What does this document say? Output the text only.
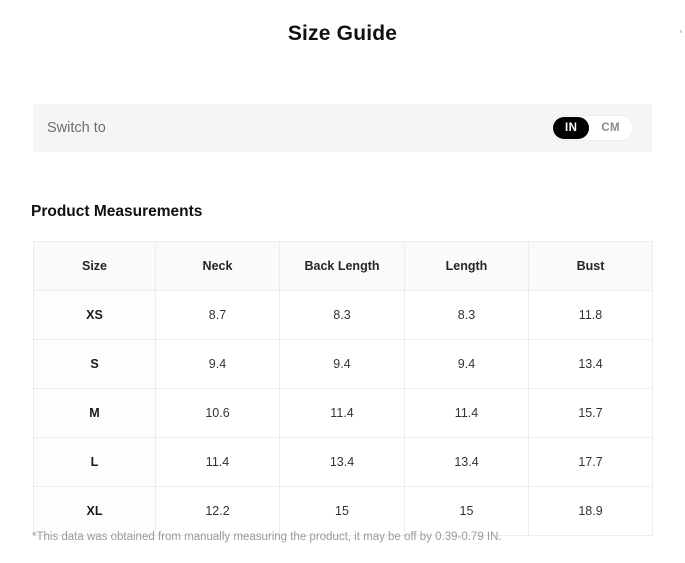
Size Guide
Switch to	IN	CM
Product Measurements
Size	Neck	Back Length	Length	Bust
XS	8.7	8.3	8.3	11.8
S	9.4	9.4	9.4	13.4
M	10.6	11.4	11.4	15.7
L	11.4	13.4	13.4	17.7
XL	12.2	15	15	18.9
*This data was obtained from manually measuring the product, it may be off by 0.39-0.79 IN.
